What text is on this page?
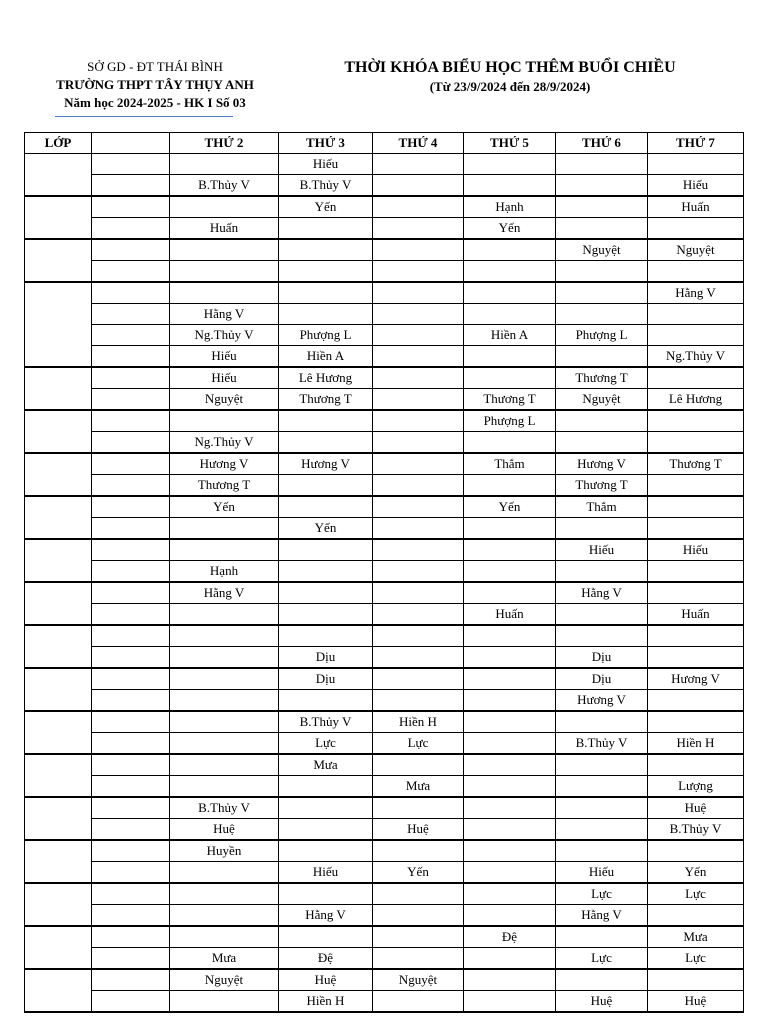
SỞ GD - ĐT THÁI BÌNH
TRƯỜNG THPT TÂY THỤY ANH
Năm học 2024-2025 - HK I Số 03
THỜI KHÓA BIỂU HỌC THÊM BUỔI CHIỀU
(Từ 23/9/2024 đến 28/9/2024)
LỚP		THỨ 2	THỨ 3	THỨ 4	THỨ 5	THỨ 6	THỨ 7
			Hiếu				
		B.Thủy V	B.Thủy V				Hiếu
			Yến		Hạnh		Huấn
		Huấn			Yến		
						Nguyệt	Nguyệt

							Hằng V
		Hằng V					
		Ng.Thủy V	Phượng L		Hiền A	Phượng L	
		Hiếu	Hiền A				Ng.Thủy V
		Hiếu	Lê Hương			Thương T	
		Nguyệt	Thương T		Thương T	Nguyệt	Lê Hương
					Phượng L		
		Ng.Thủy V					
		Hương V	Hương V		Thắm	Hương V	Thương T
		Thương T				Thương T	
		Yến			Yến	Thắm	
			Yến				
						Hiếu	Hiếu
		Hạnh					
		Hằng V				Hằng V	
					Huấn		Huấn

			Dịu			Dịu	
			Dịu			Dịu	Hương V
						Hương V	
			B.Thủy V	Hiền H			
			Lực	Lực		B.Thủy V	Hiền H
			Mưa				
				Mưa			Lượng
		B.Thủy V					Huệ
		Huệ		Huệ			B.Thủy V
		Huyền					
			Hiếu	Yến		Hiếu	Yến
						Lực	Lực
			Hằng V			Hằng V	
					Đệ		Mưa
		Mưa	Đệ			Lực	Lực
		Nguyệt	Huệ	Nguyệt			
			Hiền H			Huệ	Huệ
